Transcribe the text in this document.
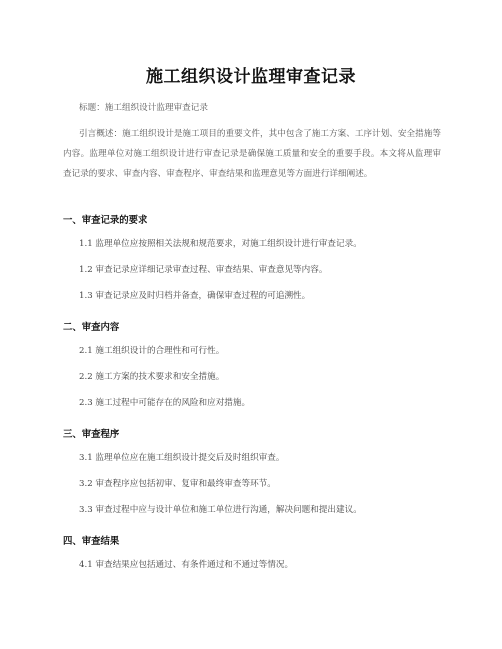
施工组织设计监理审查记录
标题：施工组织设计监理审查记录
引言概述：施工组织设计是施工项目的重要文件，其中包含了施工方案、工序计划、安全措施等内容。监理单位对施工组织设计进行审查记录是确保施工质量和安全的重要手段。本文将从监理审查记录的要求、审查内容、审查程序、审查结果和监理意见等方面进行详细阐述。
一、审查记录的要求
1.1 监理单位应按照相关法规和规范要求，对施工组织设计进行审查记录。
1.2 审查记录应详细记录审查过程、审查结果、审查意见等内容。
1.3 审查记录应及时归档并备查，确保审查过程的可追溯性。
二、审查内容
2.1 施工组织设计的合理性和可行性。
2.2 施工方案的技术要求和安全措施。
2.3 施工过程中可能存在的风险和应对措施。
三、审查程序
3.1 监理单位应在施工组织设计提交后及时组织审查。
3.2 审查程序应包括初审、复审和最终审查等环节。
3.3 审查过程中应与设计单位和施工单位进行沟通，解决问题和提出建议。
四、审查结果
4.1 审查结果应包括通过、有条件通过和不通过等情况。
